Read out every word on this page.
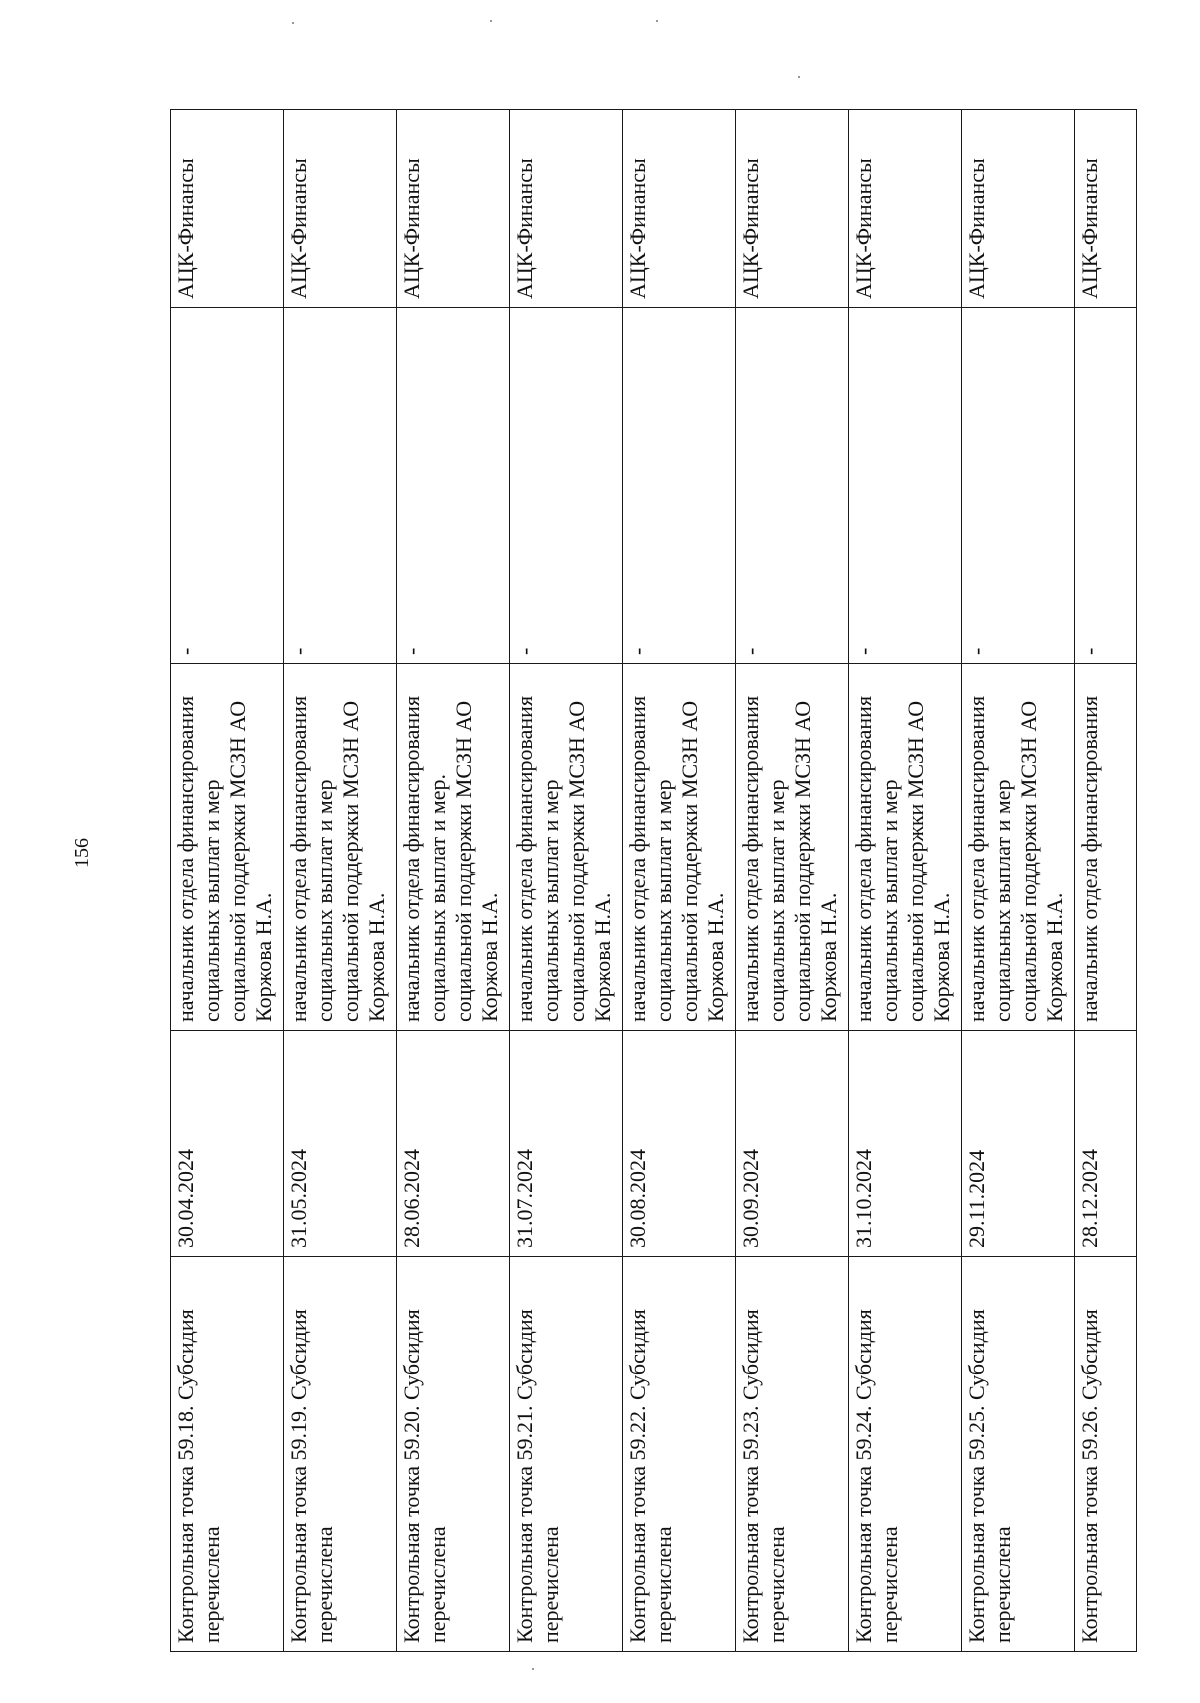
156
Контрольная точка 59.18. Субсидия перечислена	30.04.2024	начальник отдела финансирования социальных выплат и мер социальной поддержки МСЗН АО Коржова Н.А.	-	АЦК-Финансы
Контрольная точка 59.19. Субсидия перечислена	31.05.2024	начальник отдела финансирования социальных выплат и мер социальной поддержки МСЗН АО Коржова Н.А.	-	АЦК-Финансы
Контрольная точка 59.20. Субсидия перечислена	28.06.2024	начальник отдела финансирования социальных выплат и мер. социальной поддержки МСЗН АО Коржова Н.А.	-	АЦК-Финансы
Контрольная точка 59.21. Субсидия перечислена	31.07.2024	начальник отдела финансирования социальных выплат и мер социальной поддержки МСЗН АО Коржова Н.А.	-	АЦК-Финансы
Контрольная точка 59.22. Субсидия перечислена	30.08.2024	начальник отдела финансирования социальных выплат и мер социальной поддержки МСЗН АО Коржова Н.А.	-	АЦК-Финансы
Контрольная точка 59.23. Субсидия перечислена	30.09.2024	начальник отдела финансирования социальных выплат и мер социальной поддержки МСЗН АО Коржова Н.А.	-	АЦК-Финансы
Контрольная точка 59.24. Субсидия перечислена	31.10.2024	начальник отдела финансирования социальных выплат и мер социальной поддержки МСЗН АО Коржова Н.А.	-	АЦК-Финансы
Контрольная точка 59.25. Субсидия перечислена	29.11.2024	начальник отдела финансирования социальных выплат и мер социальной поддержки МСЗН АО Коржова Н.А.	-	АЦК-Финансы
Контрольная точка 59.26. Субсидия	28.12.2024	начальник отдела финансирования	-	АЦК-Финансы
